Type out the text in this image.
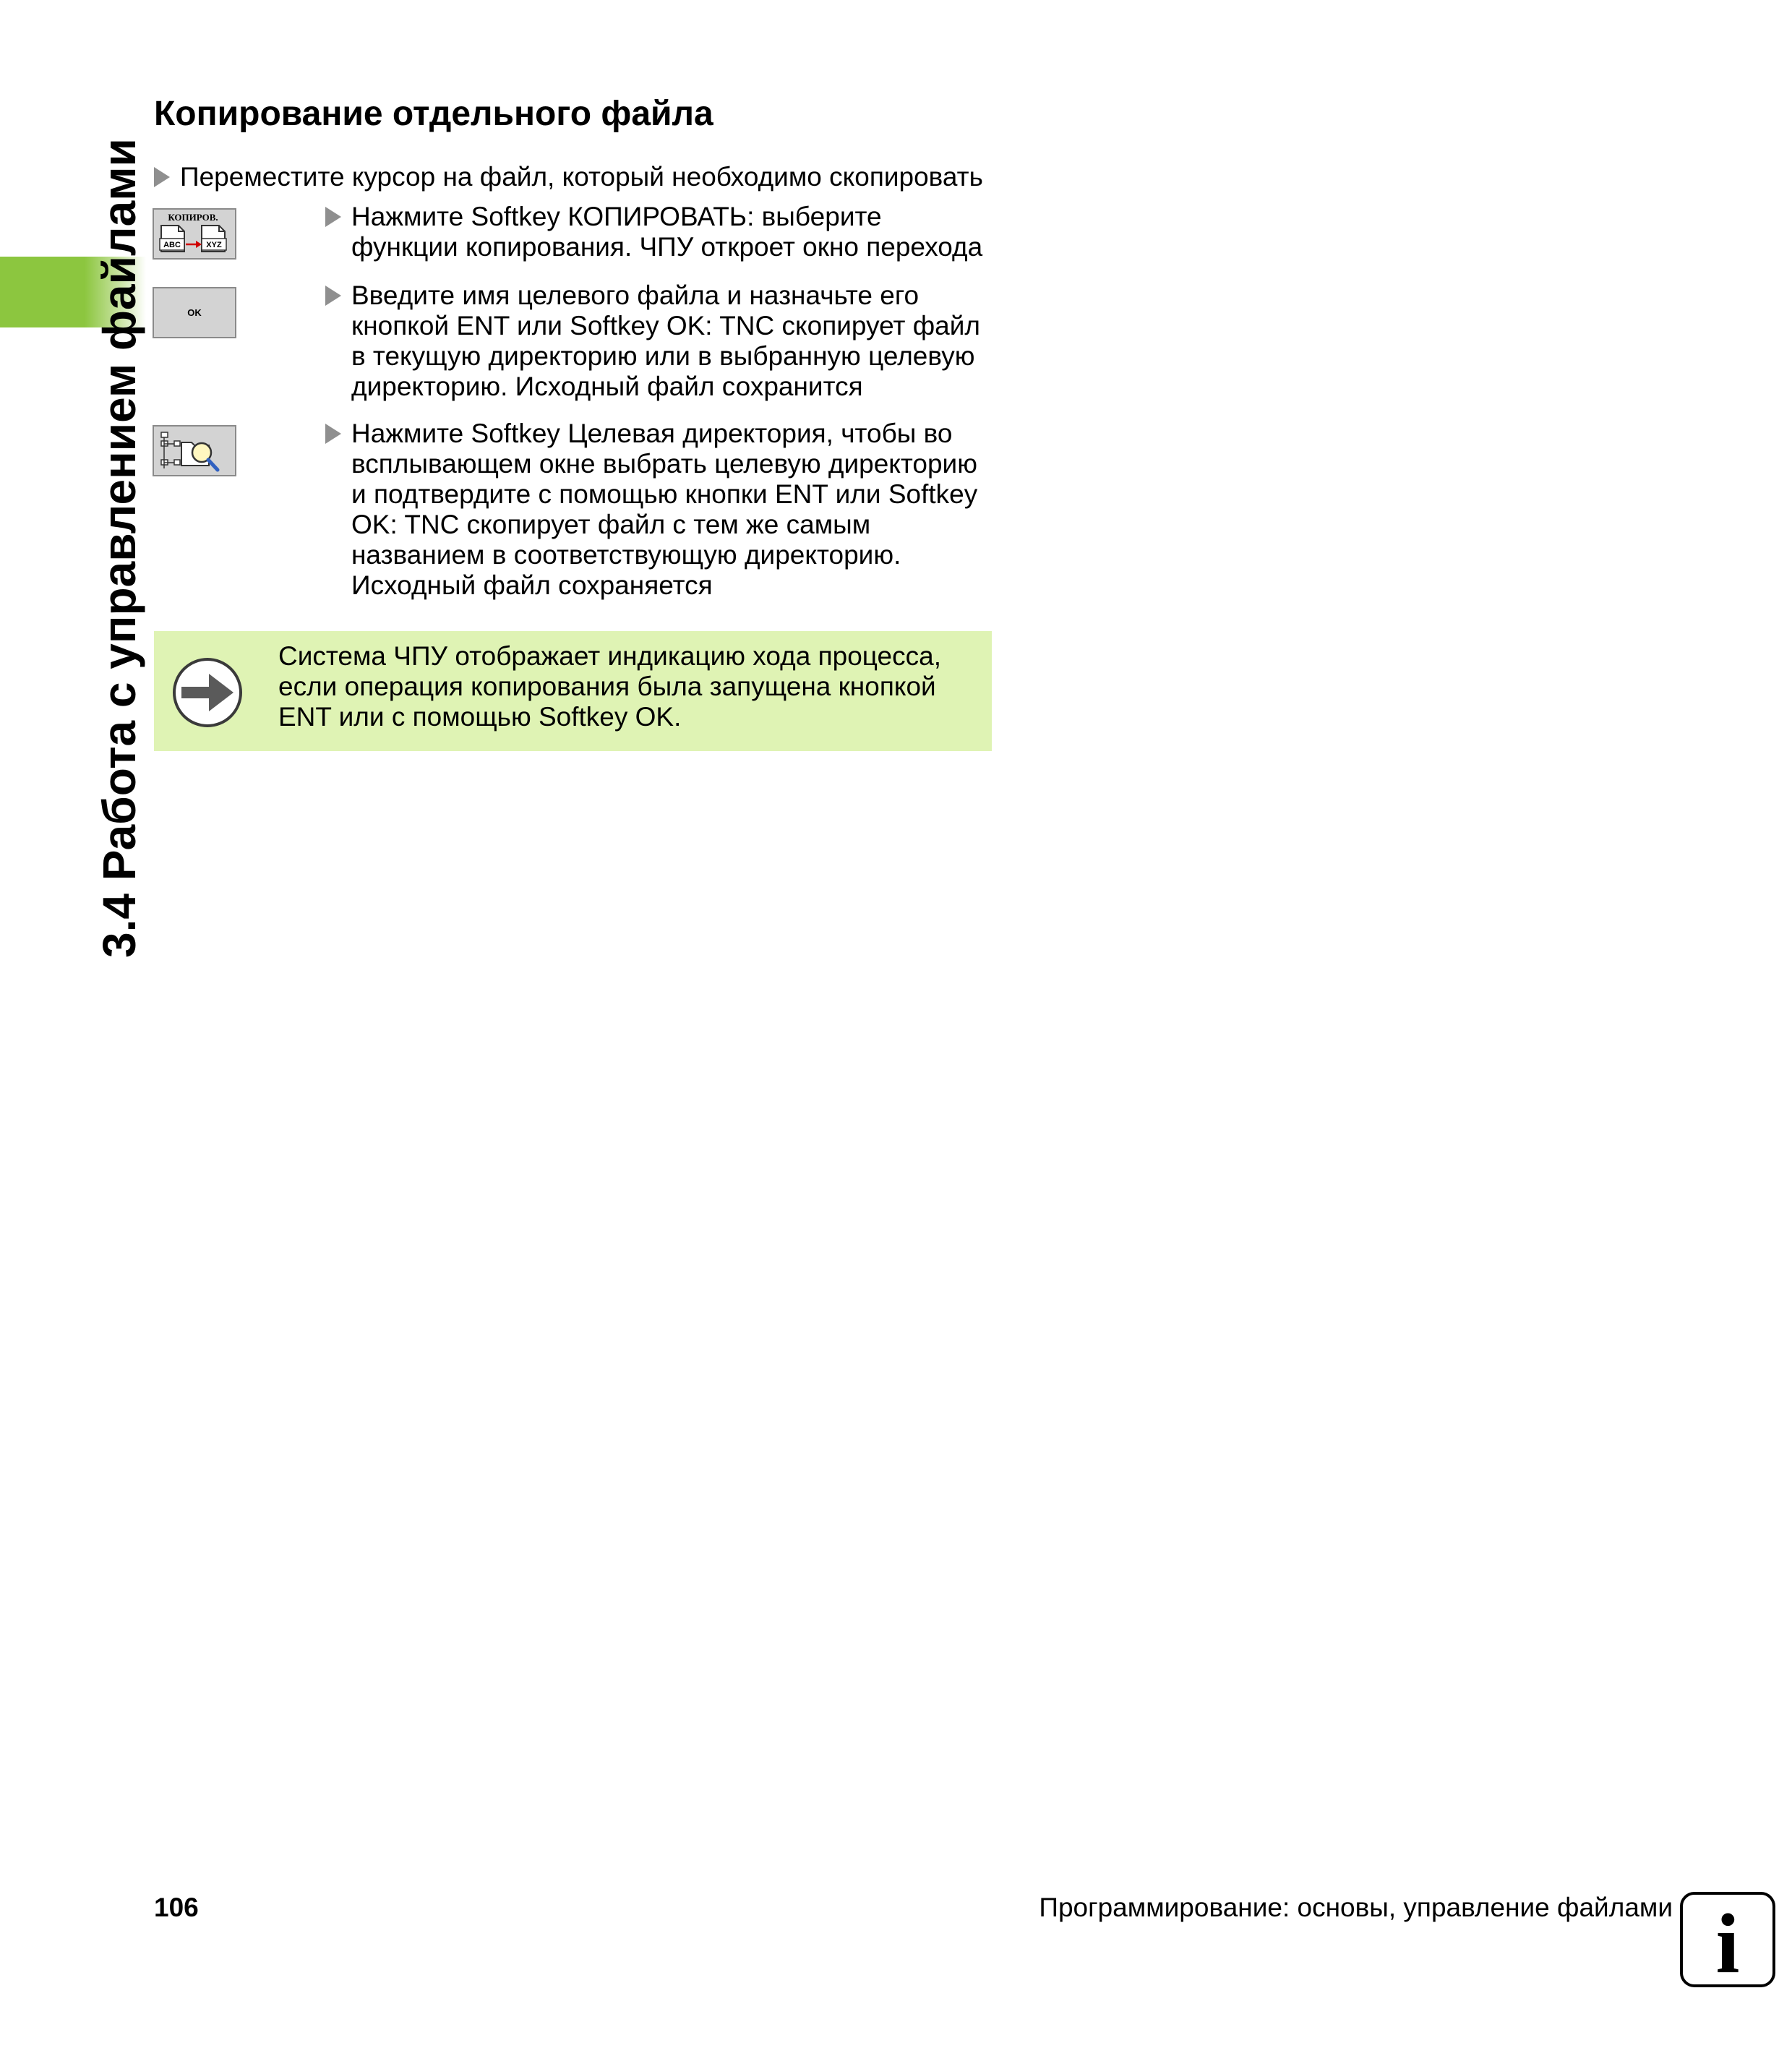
3.4 Работа с управлением файлами
Копирование отдельного файла
Переместите курсор на файл, который необходимо скопировать
КОПИРОВ.
ABC	XYZ
Нажмите Softkey КОПИРОВАТЬ: выберите
функции копирования. ЧПУ откроет окно перехода
OK
Введите имя целевого файла и назначьте его
кнопкой ENT или Softkey OK: TNC скопирует файл
в текущую директорию или в выбранную целевую
директорию. Исходный файл сохранится
Нажмите Softkey Целевая директория, чтобы во
всплывающем окне выбрать целевую директорию
и подтвердите с помощью кнопки ENT или Softkey
OK: TNC скопирует файл с тем же самым
названием в соответствующую директорию.
Исходный файл сохраняется
Система ЧПУ отображает индикацию хода процесса,
если операция копирования была запущена кнопкой
ENT или с помощью Softkey OK.
106	Программирование: основы, управление файлами i
